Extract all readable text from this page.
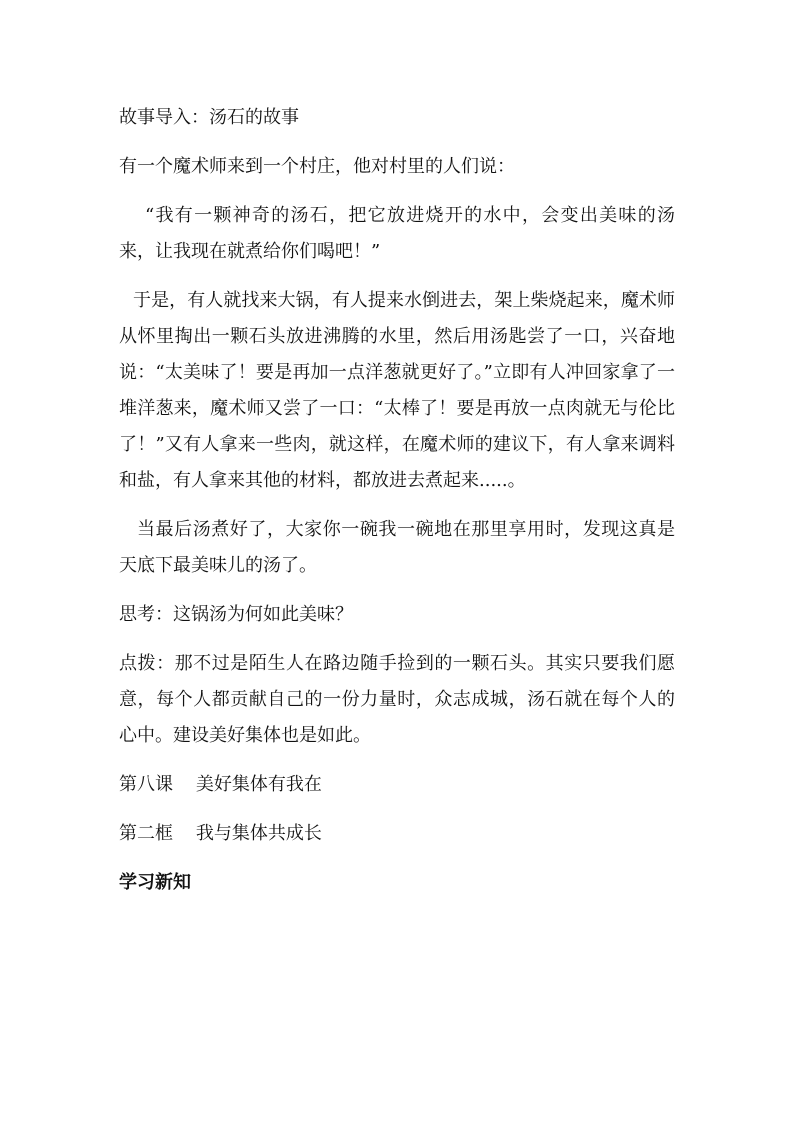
故事导入：汤石的故事

有一个魔术师来到一个村庄，他对村里的人们说：

“我有一颗神奇的汤石，把它放进烧开的水中，会变出美味的汤来，让我现在就煮给你们喝吧！”

于是，有人就找来大锅，有人提来水倒进去，架上柴烧起来，魔术师从怀里掏出一颗石头放进沸腾的水里，然后用汤匙尝了一口，兴奋地说：“太美味了！要是再加一点洋葱就更好了。”立即有人冲回家拿了一堆洋葱来，魔术师又尝了一口：“太棒了！要是再放一点肉就无与伦比了！”又有人拿来一些肉，就这样，在魔术师的建议下，有人拿来调料和盐，有人拿来其他的材料，都放进去煮起来.....。

当最后汤煮好了，大家你一碗我一碗地在那里享用时，发现这真是天底下最美味儿的汤了。

思考：这锅汤为何如此美味？

点拨：那不过是陌生人在路边随手捡到的一颗石头。其实只要我们愿意，每个人都贡献自己的一份力量时，众志成城，汤石就在每个人的心中。建设美好集体也是如此。

第八课    美好集体有我在

第二框    我与集体共成长

学习新知
